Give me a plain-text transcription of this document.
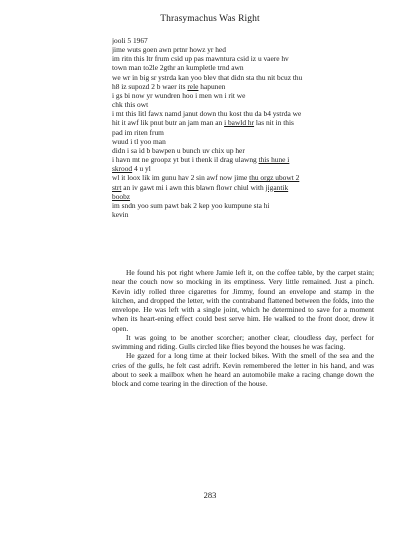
Thrasymachus Was Right
jooli 5 1967
jime wuts goen awn prtnr howz yr hed
im ritn this ltr frum csid up pas mawntura csid iz u vaere hv
town man to2le 2gthr an kumpletle trnd awn
we wr in big sr ystrda kan yoo blev that didn sta thu nit bcuz thu
h8 iz supozd 2 b waer its rele hapunen
i gs bi now yr wundren hoo i men wn i rit we
chk this owt
i mt this litl fawx namd janut down thu kost thu da b4 ystrda we
hit it awf lik pnut butr an jam man an i bawld hr las nit in this
pad im riten frum
wuud i tl yoo man
didn i sa id b bawpen u bunch uv chix up her
i havn mt ne groopz yt but i thenk il drag ulawng this hune i
skrood 4 u yl
wl it loox lik im gunu hav 2 sin awf now jime thu orgz ubowt 2
strt an iv gawt mi i awn this blawn flowr chiul with jigantik
boobz
im sndn yoo sum pawt bak 2 kep yoo kumpune sta hi
kevin

He found his pot right where Jamie left it, on the coffee table, by the carpet stain; near the couch now so mocking in its emptiness. Very little remained. Just a pinch. Kevin idly rolled three cigarettes for Jimmy, found an envelope and stamp in the kitchen, and dropped the letter, with the contraband flattened between the folds, into the envelope. He was left with a single joint, which he determined to save for a moment when its heart-ening effect could best serve him. He walked to the front door, drew it open.

It was going to be another scorcher; another clear, cloudless day, perfect for swimming and riding. Gulls circled like flies beyond the houses he was facing.

He gazed for a long time at their locked bikes. With the smell of the sea and the cries of the gulls, he felt cast adrift. Kevin remembered the letter in his hand, and was about to seek a mailbox when he heard an automobile make a racing change down the block and come tearing in the direction of the house.

283
